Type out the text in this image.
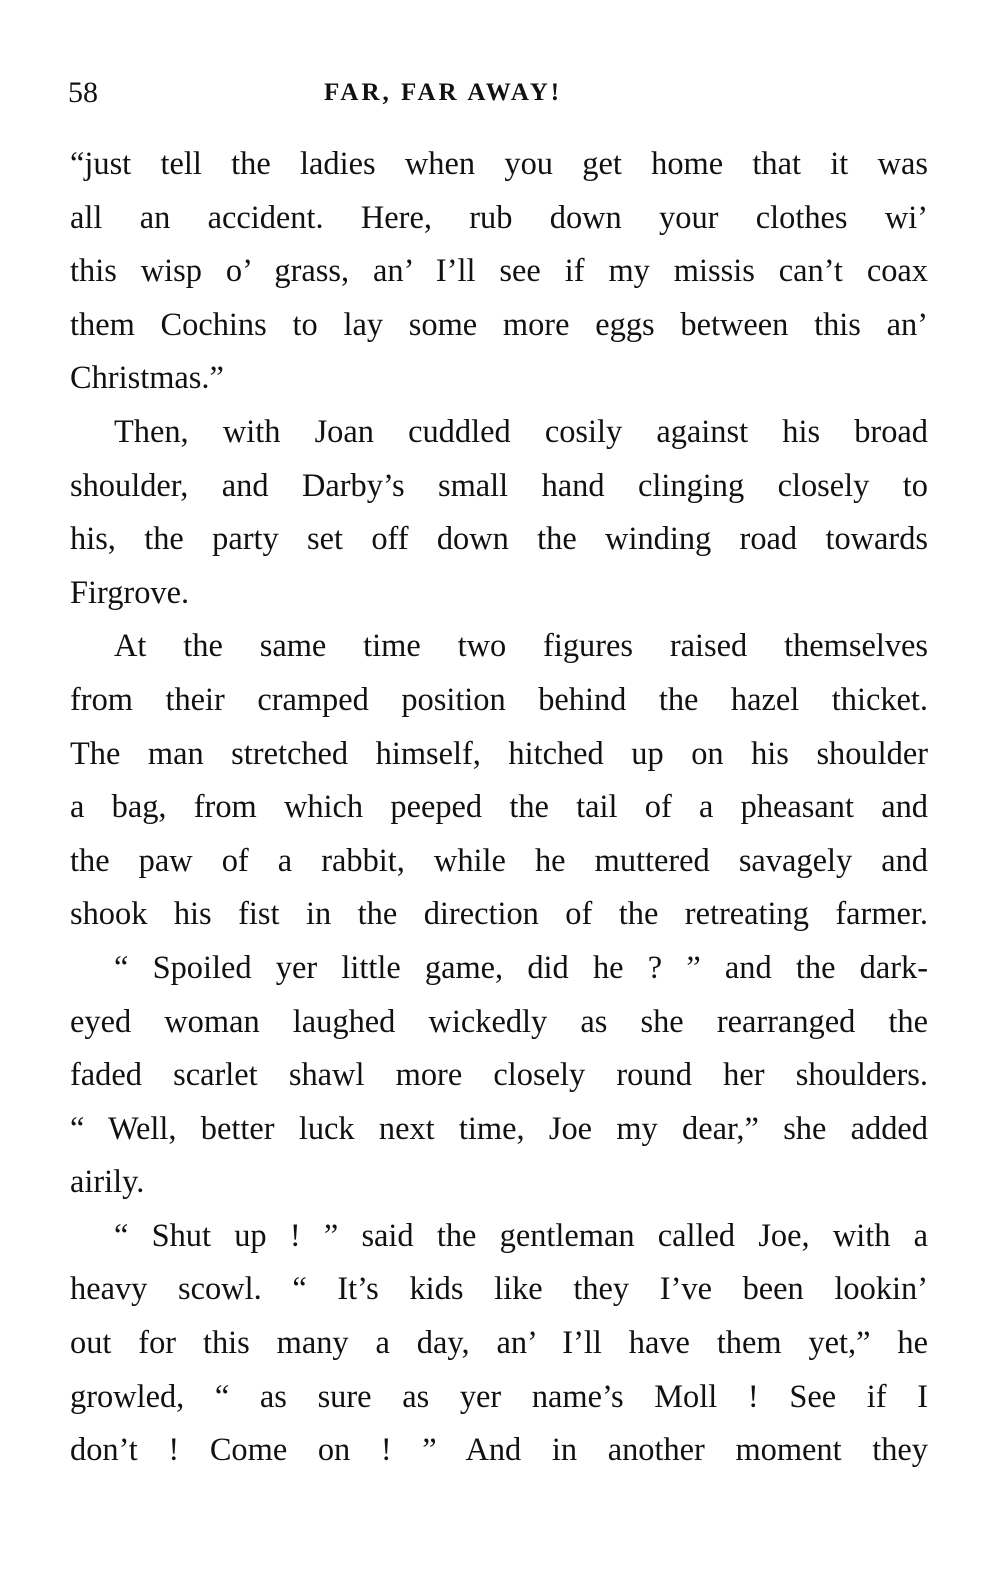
58	FAR, FAR AWAY!
“just tell the ladies when you get home that it was
all an accident. Here, rub down your clothes wi’
this wisp o’ grass, an’ I’ll see if my missis can’t coax
them Cochins to lay some more eggs between this an’
Christmas.”
Then, with Joan cuddled cosily against his broad
shoulder, and Darby’s small hand clinging closely to
his, the party set off down the winding road towards
Firgrove.
At the same time two figures raised themselves
from their cramped position behind the hazel thicket.
The man stretched himself, hitched up on his shoulder
a bag, from which peeped the tail of a pheasant and
the paw of a rabbit, while he muttered savagely and
shook his fist in the direction of the retreating farmer.
“ Spoiled yer little game, did he ? ” and the dark-
eyed woman laughed wickedly as she rearranged the
faded scarlet shawl more closely round her shoulders.
“ Well, better luck next time, Joe my dear,” she added
airily.
“ Shut up ! ” said the gentleman called Joe, with a
heavy scowl. “ It’s kids like they I’ve been lookin’
out for this many a day, an’ I’ll have them yet,” he
growled, “ as sure as yer name’s Moll ! See if I
don’t ! Come on ! ” And in another moment they
